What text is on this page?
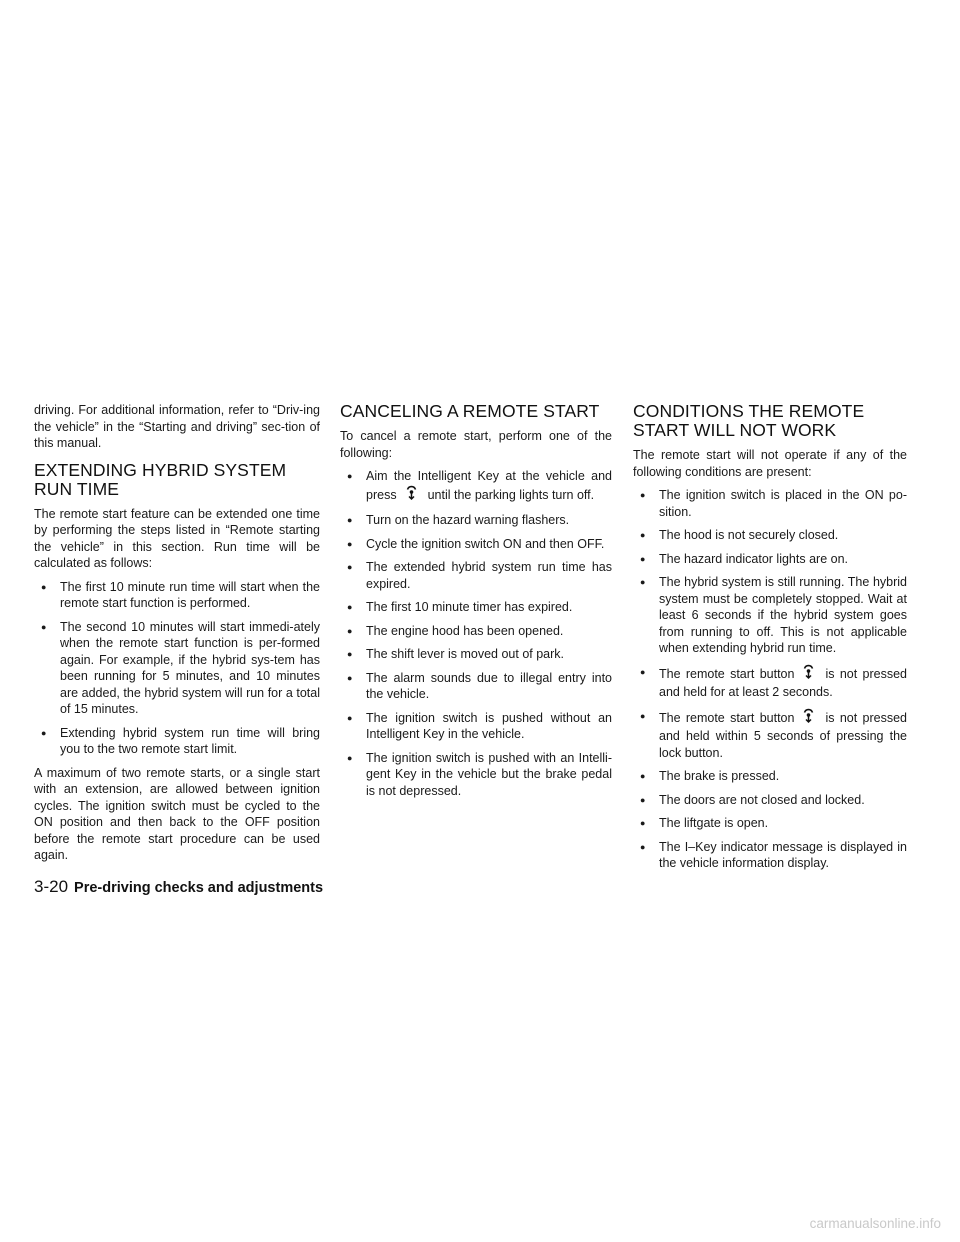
driving. For additional information, refer to “Driv-ing the vehicle” in the “Starting and driving” sec-tion of this manual.

EXTENDING HYBRID SYSTEM RUN TIME

The remote start feature can be extended one time by performing the steps listed in “Remote starting the vehicle” in this section. Run time will be calculated as follows:

● The first 10 minute run time will start when the remote start function is performed.
● The second 10 minutes will start immedi-ately when the remote start function is per-formed again. For example, if the hybrid sys-tem has been running for 5 minutes, and 10 minutes are added, the hybrid system will run for a total of 15 minutes.
● Extending hybrid system run time will bring you to the two remote start limit.

A maximum of two remote starts, or a single start with an extension, are allowed between ignition cycles. The ignition switch must be cycled to the ON position and then back to the OFF position before the remote start procedure can be used again.

CANCELING A REMOTE START

To cancel a remote start, perform one of the following:

● Aim the Intelligent Key at the vehicle and press until the parking lights turn off.
● Turn on the hazard warning flashers.
● Cycle the ignition switch ON and then OFF.
● The extended hybrid system run time has expired.
● The first 10 minute timer has expired.
● The engine hood has been opened.
● The shift lever is moved out of park.
● The alarm sounds due to illegal entry into the vehicle.
● The ignition switch is pushed without an Intelligent Key in the vehicle.
● The ignition switch is pushed with an Intelli-gent Key in the vehicle but the brake pedal is not depressed.
CONDITIONS THE REMOTE START WILL NOT WORK

The remote start will not operate if any of the following conditions are present:

● The ignition switch is placed in the ON po-sition.
● The hood is not securely closed.
● The hazard indicator lights are on.
● The hybrid system is still running. The hybrid system must be completely stopped. Wait at least 6 seconds if the hybrid system goes from running to off. This is not applicable when extending hybrid run time.
● The remote start button is not pressed and held for at least 2 seconds.
● The remote start button is not pressed and held within 5 seconds of pressing the lock button.
● The brake is pressed.
● The doors are not closed and locked.
● The liftgate is open.
● The I–Key indicator message is displayed in the vehicle information display.
3-20 Pre-driving checks and adjustments
carmanualsonline.info
